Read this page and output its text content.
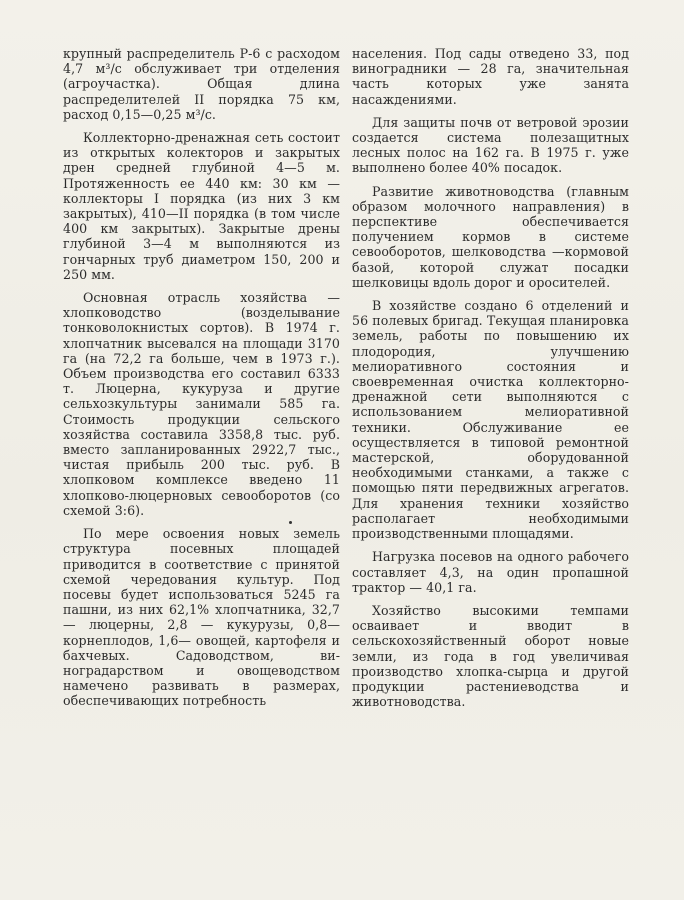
крупный распределитель Р-6 с расходом 4,7 м³/с обслуживает три отделения (агроучастка). Общая длина распределителей II порядка 75 км, расход 0,15—0,25 м³/с.

Коллекторно-дренажная сеть состоит из открытых колекторов и закрытых дрен средней глубиной 4—5 м. Протяженность ее 440 км: 30 км — коллекторы I порядка (из них 3 км закрытых), 410—II порядка (в том числе 400 км закрытых). Закрытые дрены глубиной 3—4 м выполняются из гончарных труб диаметром 150, 200 и 250 мм.

Основная отрасль хозяйства — хлопководство (возделывание тонковолокнистых сортов). В 1974 г. хлопчатник высевался на площади 3170 га (на 72,2 га больше, чем в 1973 г.). Объем производства его составил 6333 т. Люцерна, кукуруза и другие сельхозкультуры занимали 585 га. Стоимость продукции сельского хозяйства составила 3358,8 тыс. руб. вместо запланированных 2922,7 тыс., чистая прибыль 200 тыс. руб. В хлопковом комплексе введено 11 хлопково-люцерновых севооборотов (со схемой 3:6).

По мере освоения новых земель структура посевных площадей приводится в соответствие с принятой схемой чередования культур. Под посевы будет использоваться 5245 га пашни, из них 62,1% хлопчатника, 32,7 — люцерны, 2,8 — кукурузы, 0,8—корнеплодов, 1,6— овощей, картофеля и бахчевых. Садоводством, виноградарством и овощеводством намечено развивать в размерах, обеспечивающих потребность

населения. Под сады отведено 33, под виноградники — 28 га, значительная часть которых уже занята насаждениями.

Для защиты почв от ветровой эрозии создается система полезащитных лесных полос на 162 га. В 1975 г. уже выполнено более 40% посадок.

Развитие животноводства (главным образом молочного направления) в перспективе обеспечивается получением кормов в системе севооборотов, шелководства —кормовой базой, которой служат посадки шелковицы вдоль дорог и оросителей.

В хозяйстве создано 6 отделений и 56 полевых бригад. Текущая планировка земель, работы по повышению их плодородия, улучшению мелиоративного состояния и своевременная очистка коллекторно-дренажной сети выполняются с использованием мелиоративной техники. Обслуживание ее осуществляется в типовой ремонтной мастерской, оборудованной необходимыми станками, а также с помощью пяти передвижных агрегатов. Для хранения техники хозяйство располагает необходимыми производственными площадями.

Нагрузка посевов на одного рабочего составляет 4,3, на один пропашной трактор — 40,1 га.

Хозяйство высокими темпами осваивает и вводит в сельскохозяйственный оборот новые земли, из года в год увеличивая производство хлопка-сырца и другой продукции растениеводства и животноводства.
